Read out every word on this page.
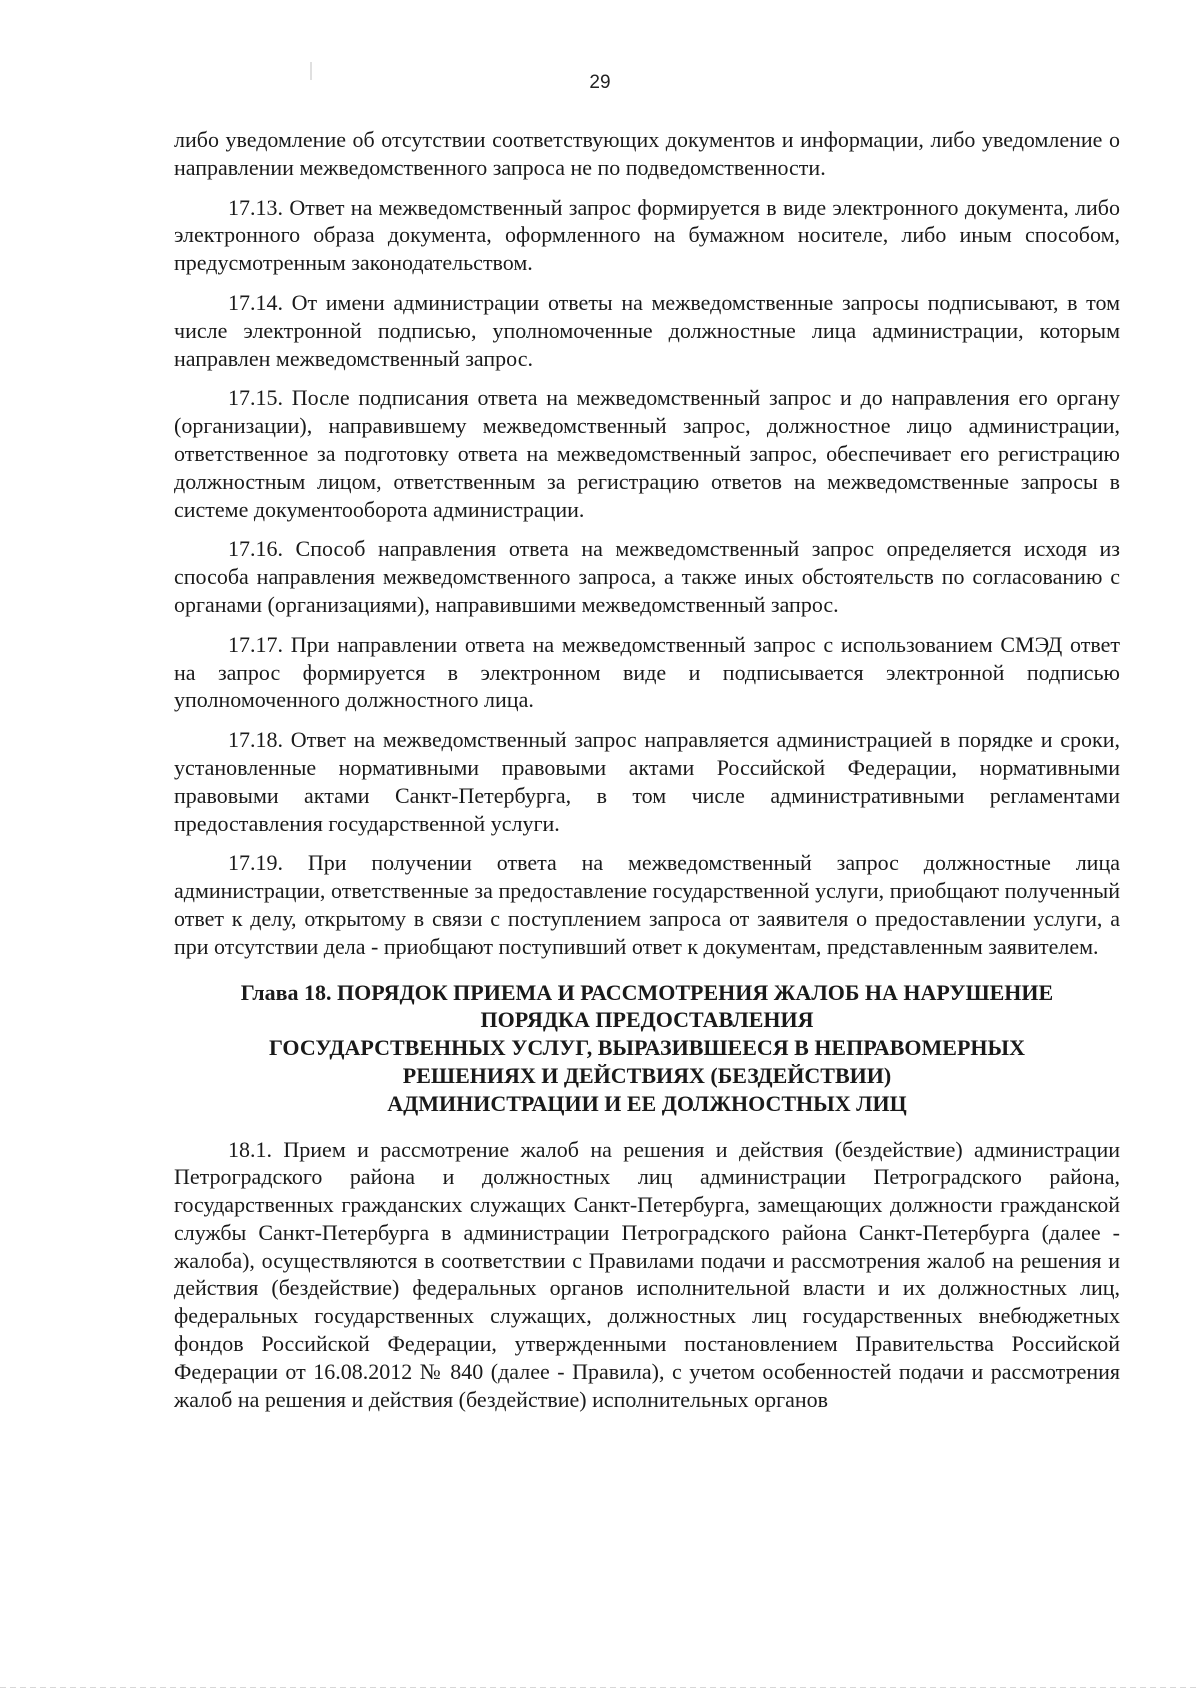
29

либо уведомление об отсутствии соответствующих документов и информации, либо уведомление о направлении межведомственного запроса не по подведомственности.

17.13. Ответ на межведомственный запрос формируется в виде электронного документа, либо электронного образа документа, оформленного на бумажном носителе, либо иным способом, предусмотренным законодательством.

17.14. От имени администрации ответы на межведомственные запросы подписывают, в том числе электронной подписью, уполномоченные должностные лица администрации, которым направлен межведомственный запрос.

17.15. После подписания ответа на межведомственный запрос и до направления его органу (организации), направившему межведомственный запрос, должностное лицо администрации, ответственное за подготовку ответа на межведомственный запрос, обеспечивает его регистрацию должностным лицом, ответственным за регистрацию ответов на межведомственные запросы в системе документооборота администрации.

17.16. Способ направления ответа на межведомственный запрос определяется исходя из способа направления межведомственного запроса, а также иных обстоятельств по согласованию с органами (организациями), направившими межведомственный запрос.

17.17. При направлении ответа на межведомственный запрос с использованием СМЭД ответ на запрос формируется в электронном виде и подписывается электронной подписью уполномоченного должностного лица.

17.18. Ответ на межведомственный запрос направляется администрацией в порядке и сроки, установленные нормативными правовыми актами Российской Федерации, нормативными правовыми актами Санкт-Петербурга, в том числе административными регламентами предоставления государственной услуги.

17.19. При получении ответа на межведомственный запрос должностные лица администрации, ответственные за предоставление государственной услуги, приобщают полученный ответ к делу, открытому в связи с поступлением запроса от заявителя о предоставлении услуги, а при отсутствии дела - приобщают поступивший ответ к документам, представленным заявителем.

Глава 18. ПОРЯДОК ПРИЕМА И РАССМОТРЕНИЯ ЖАЛОБ НА НАРУШЕНИЕ
ПОРЯДКА ПРЕДОСТАВЛЕНИЯ
ГОСУДАРСТВЕННЫХ УСЛУГ, ВЫРАЗИВШЕЕСЯ В НЕПРАВОМЕРНЫХ
РЕШЕНИЯХ И ДЕЙСТВИЯХ (БЕЗДЕЙСТВИИ)
АДМИНИСТРАЦИИ И ЕЕ ДОЛЖНОСТНЫХ ЛИЦ

18.1. Прием и рассмотрение жалоб на решения и действия (бездействие) администрации Петроградского района и должностных лиц администрации Петроградского района, государственных гражданских служащих Санкт-Петербурга, замещающих должности гражданской службы Санкт-Петербурга в администрации Петроградского района Санкт-Петербурга (далее - жалоба), осуществляются в соответствии с Правилами подачи и рассмотрения жалоб на решения и действия (бездействие) федеральных органов исполнительной власти и их должностных лиц, федеральных государственных служащих, должностных лиц государственных внебюджетных фондов Российской Федерации, утвержденными постановлением Правительства Российской Федерации от 16.08.2012 № 840 (далее - Правила), с учетом особенностей подачи и рассмотрения жалоб на решения и действия (бездействие) исполнительных органов
